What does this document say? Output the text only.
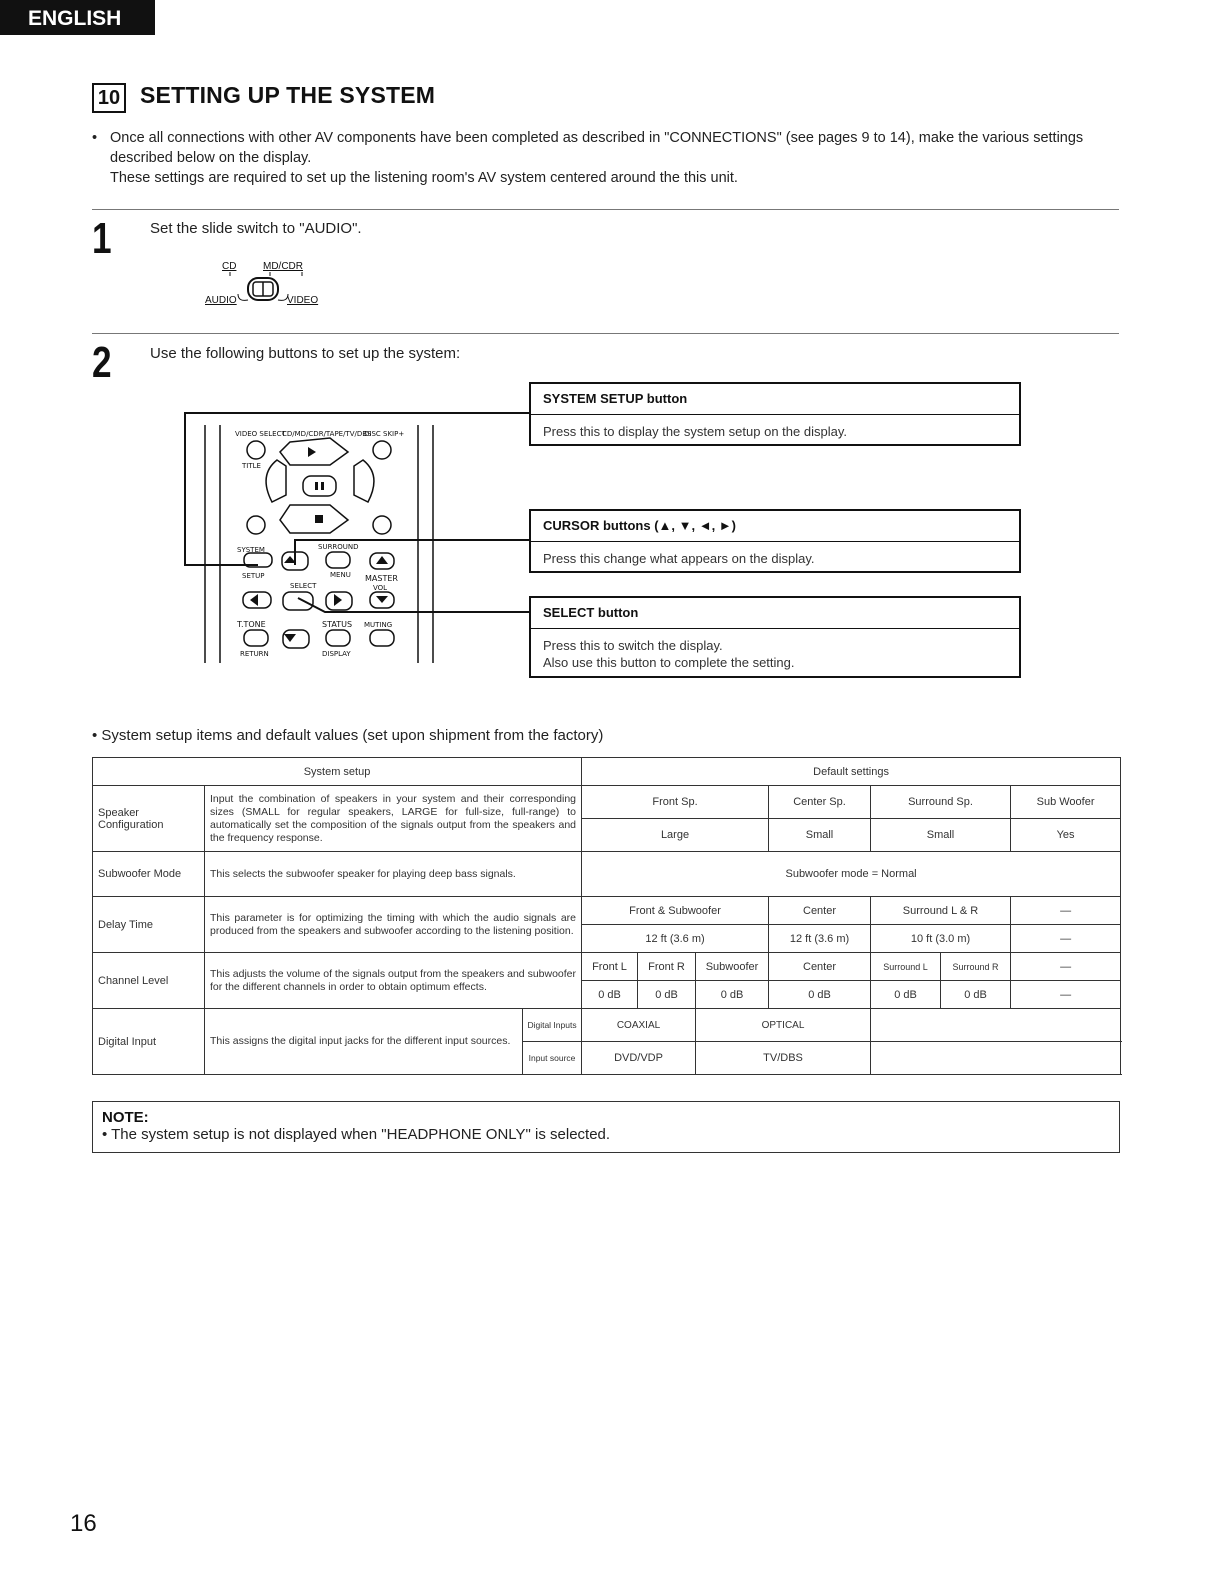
ENGLISH
10 SETTING UP THE SYSTEM
• Once all connections with other AV components have been completed as described in "CONNECTIONS" (see pages 9 to 14), make the various settings described below on the display.

These settings are required to set up the listening room's AV system centered around the this unit.

1	Set the slide switch to "AUDIO".
CD	MD/CDR
AUDIO	VIDEO
2	Use the following buttons to set up the system:
VIDEO SELECT
CD/MD/CDR/TAPE/TV/DBS
DISC SKIP+
TITLE
SYSTEM
SETUP
SURROUND
MENU MASTER
VOL
SELECT
T.TONE	STATUS MUTING
RETURN	DISPLAY
SYSTEM SETUP button
Press this to display the system setup on the display.
CURSOR buttons (▲, ▼, ◄, ►)
Press this change what appears on the display.
SELECT button
Press this to switch the display.
Also use this button to complete the setting.
• System setup items and default values (set upon shipment from the factory)
System setup			Default settings						
Speaker Configuration	Input the combination of speakers in your system and their corresponding sizes (SMALL for regular speakers, LARGE for full-size, full-range) to automatically set the composition of the signals output from the speakers and the frequency response.		Front Sp.			Center Sp.	Surround Sp.		Sub Woofer
			Large			Small	Small		Yes
Subwoofer Mode	This selects the subwoofer speaker for playing deep bass signals.		Subwoofer mode = Normal						
Delay Time	This parameter is for optimizing the timing with which the audio signals are produced from the speakers and subwoofer according to the listening position.		Front & Subwoofer			Center	Surround L & R		—
			12 ft (3.6 m)			12 ft (3.6 m)	10 ft (3.0 m)		—
Channel Level	This adjusts the volume of the signals output from the speakers and subwoofer for the different channels in order to obtain optimum effects.		Front L	Front R	Subwoofer	Center	Surround L	Surround R	—
			0 dB	0 dB	0 dB	0 dB	0 dB	0 dB	—
Digital Input	This assigns the digital input jacks for the different input sources.	Digital Inputs	COAXIAL		OPTICAL				
		Input source	DVD/VDP		TV/DBS				
NOTE:
• The system setup is not displayed when "HEADPHONE ONLY" is selected.
16
